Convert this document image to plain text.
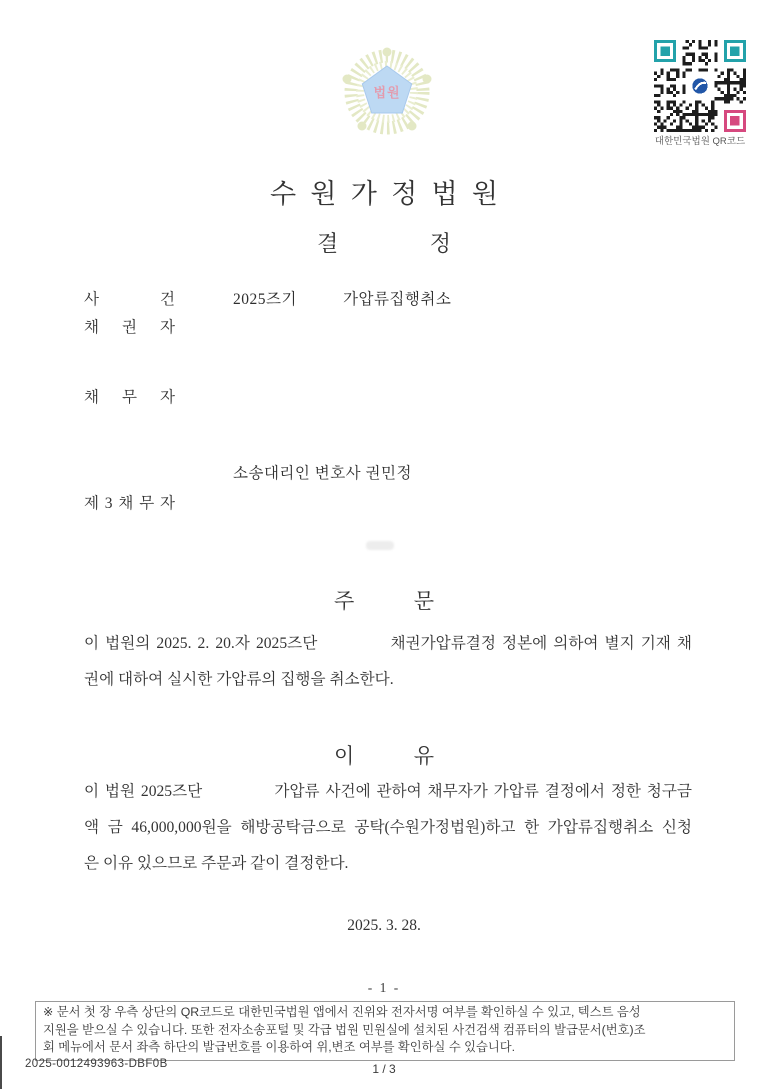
법원
대한민국법원 QR코드
수 원 가 정 법 원
결 정
사 건	2025즈기	가압류집행취소
채 권 자
채 무 자
소송대리인 변호사 권민정
제 3 채 무 자
주 문
이 법원의 2025. 2. 20.자 2025즈단　　　　채권가압류결정 정본에 의하여 별지 기재 채
권에 대하여 실시한 가압류의 집행을 취소한다.
이 유
이 법원 2025즈단　　　　가압류 사건에 관하여 채무자가 가압류 결정에서 정한 청구금
액 금 46,000,000원을 해방공탁금으로 공탁(수원가정법원)하고 한 가압류집행취소 신청
은 이유 있으므로 주문과 같이 결정한다.
2025. 3. 28.
- 1 -
※ 문서 첫 장 우측 상단의 QR코드로 대한민국법원 앱에서 진위와 전자서명 여부를 확인하실 수 있고, 텍스트 음성
지원을 받으실 수 있습니다. 또한 전자소송포털 및 각급 법원 민원실에 설치된 사건검색 컴퓨터의 발급문서(번호)조
회 메뉴에서 문서 좌측 하단의 발급번호를 이용하여 위,변조 여부를 확인하실 수 있습니다.
2025-0012493963-DBF0B	1 / 3
